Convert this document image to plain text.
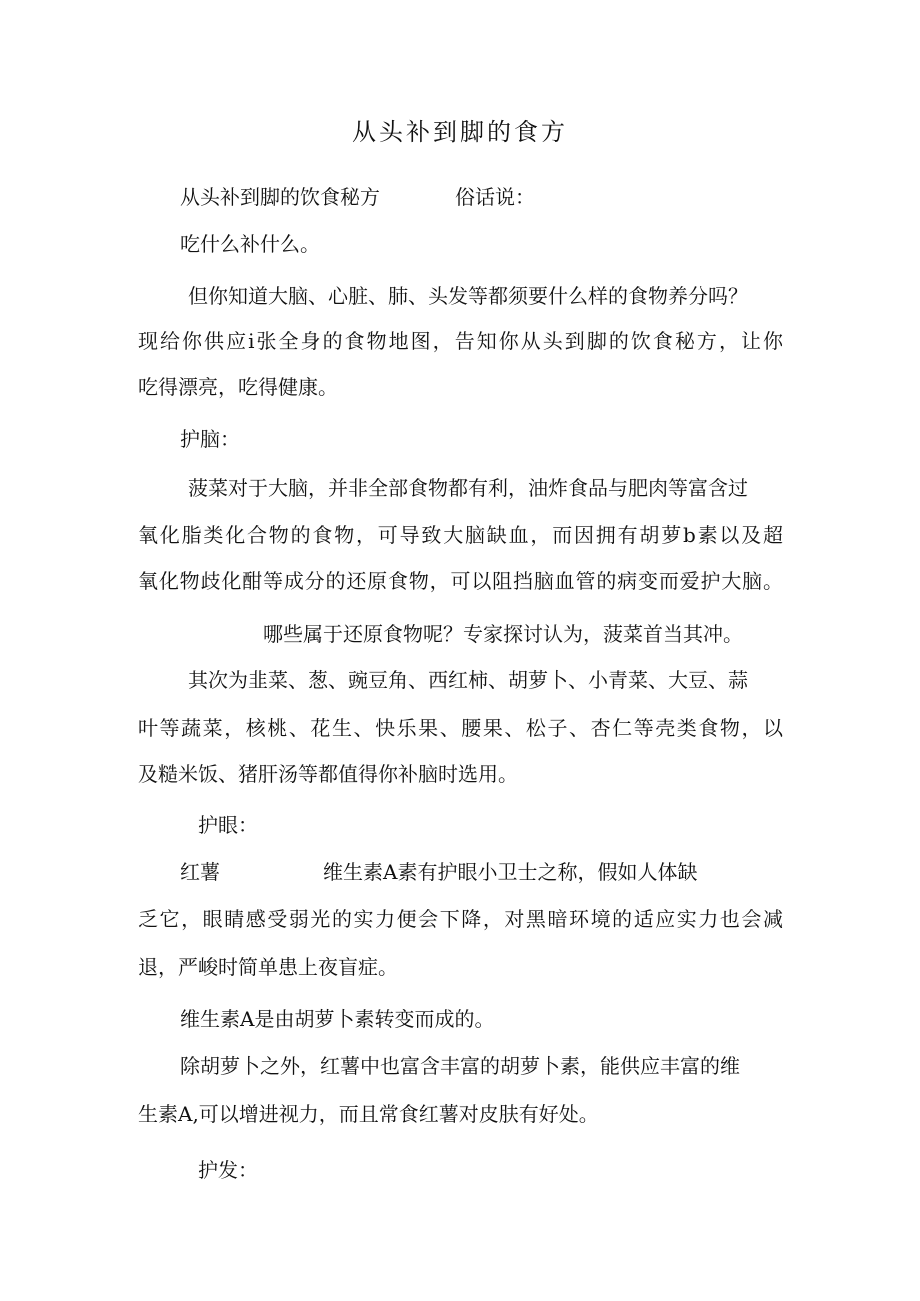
从头补到脚的食方

从头补到脚的饮食秘方	俗话说：

吃什么补什么。

但你知道大脑、心脏、肺、头发等都须要什么样的食物养分吗？

现给你供应i张全身的食物地图，告知你从头到脚的饮食秘方，让你

吃得漂亮，吃得健康。

护脑：

菠菜对于大脑，并非全部食物都有利，油炸食品与肥肉等富含过

氧化脂类化合物的食物，可导致大脑缺血，而因拥有胡萝b素以及超

氧化物歧化酣等成分的还原食物，可以阻挡脑血管的病变而爱护大脑。

哪些属于还原食物呢？专家探讨认为，菠菜首当其冲。

其次为韭菜、葱、豌豆角、西红柿、胡萝卜、小青菜、大豆、蒜

叶等蔬菜，核桃、花生、快乐果、腰果、松子、杏仁等壳类食物，以

及糙米饭、猪肝汤等都值得你补脑时选用。

护眼：

红薯	维生素A素有护眼小卫士之称，假如人体缺

乏它，眼睛感受弱光的实力便会下降，对黑暗环境的适应实力也会减

退，严峻时简单患上夜盲症。

维生素A是由胡萝卜素转变而成的。

除胡萝卜之外，红薯中也富含丰富的胡萝卜素，能供应丰富的维

生素A,可以增进视力，而且常食红薯对皮肤有好处。

护发：
